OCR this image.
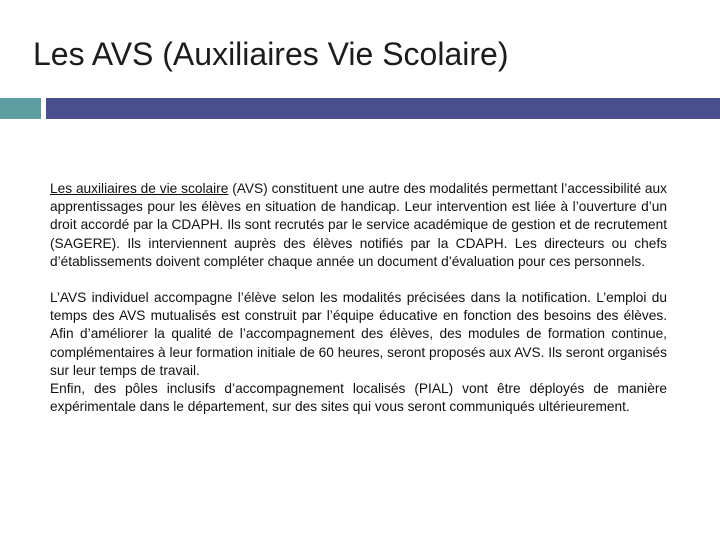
Les AVS (Auxiliaires Vie Scolaire)

Les auxiliaires de vie scolaire (AVS) constituent une autre des modalités permettant l’accessibilité aux apprentissages pour les élèves en situation de handicap. Leur intervention est liée à l’ouverture d’un droit accordé par la CDAPH. Ils sont recrutés par le service académique de gestion et de recrutement (SAGERE). Ils interviennent auprès des élèves notifiés par la CDAPH. Les directeurs ou chefs d’établissements doivent compléter chaque année un document d’évaluation pour ces personnels.

L’AVS individuel accompagne l’élève selon les modalités précisées dans la notification. L’emploi du temps des AVS mutualisés est construit par l’équipe éducative en fonction des besoins des élèves. Afin d’améliorer la qualité de l’accompagnement des élèves, des modules de formation continue, complémentaires à leur formation initiale de 60 heures, seront proposés aux AVS. Ils seront organisés sur leur temps de travail.

Enfin, des pôles inclusifs d’accompagnement localisés (PIAL) vont être déployés de manière expérimentale dans le département, sur des sites qui vous seront communiqués ultérieurement.
